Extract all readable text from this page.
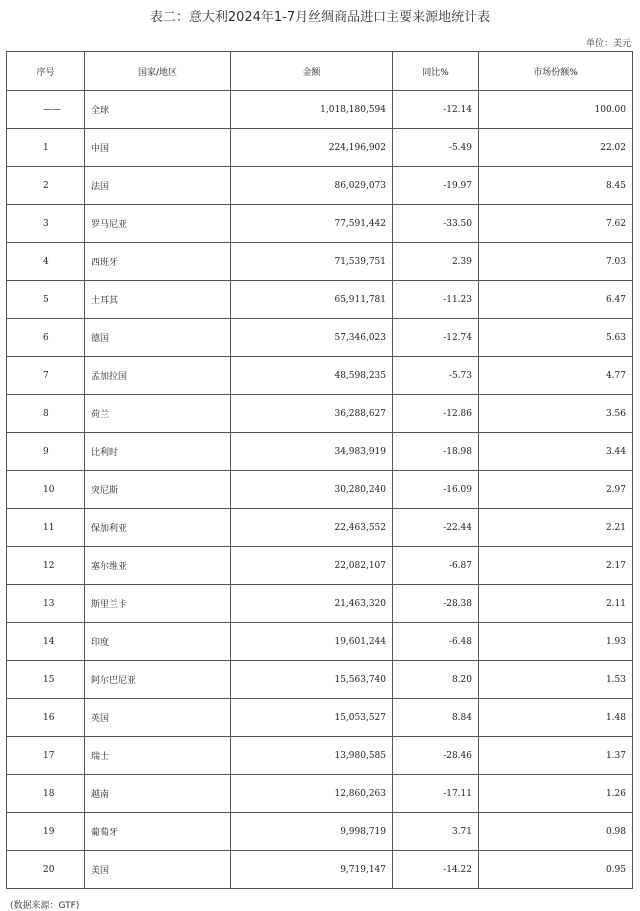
表二：意大利2024年1-7月丝绸商品进口主要来源地统计表
单位：美元
序号	国家/地区	金额	同比%	市场份额%
——	全球	1,018,180,594	-12.14	100.00
1	中国	224,196,902	-5.49	22.02
2	法国	86,029,073	-19.97	8.45
3	罗马尼亚	77,591,442	-33.50	7.62
4	西班牙	71,539,751	2.39	7.03
5	土耳其	65,911,781	-11.23	6.47
6	德国	57,346,023	-12.74	5.63
7	孟加拉国	48,598,235	-5.73	4.77
8	荷兰	36,288,627	-12.86	3.56
9	比利时	34,983,919	-18.98	3.44
10	突尼斯	30,280,240	-16.09	2.97
11	保加利亚	22,463,552	-22.44	2.21
12	塞尔维亚	22,082,107	-6.87	2.17
13	斯里兰卡	21,463,320	-28.38	2.11
14	印度	19,601,244	-6.48	1.93
15	阿尔巴尼亚	15,563,740	8.20	1.53
16	英国	15,053,527	8.84	1.48
17	瑞士	13,980,585	-28.46	1.37
18	越南	12,860,263	-17.11	1.26
19	葡萄牙	9,998,719	3.71	0.98
20	美国	9,719,147	-14.22	0.95
(数据来源：GTF)
